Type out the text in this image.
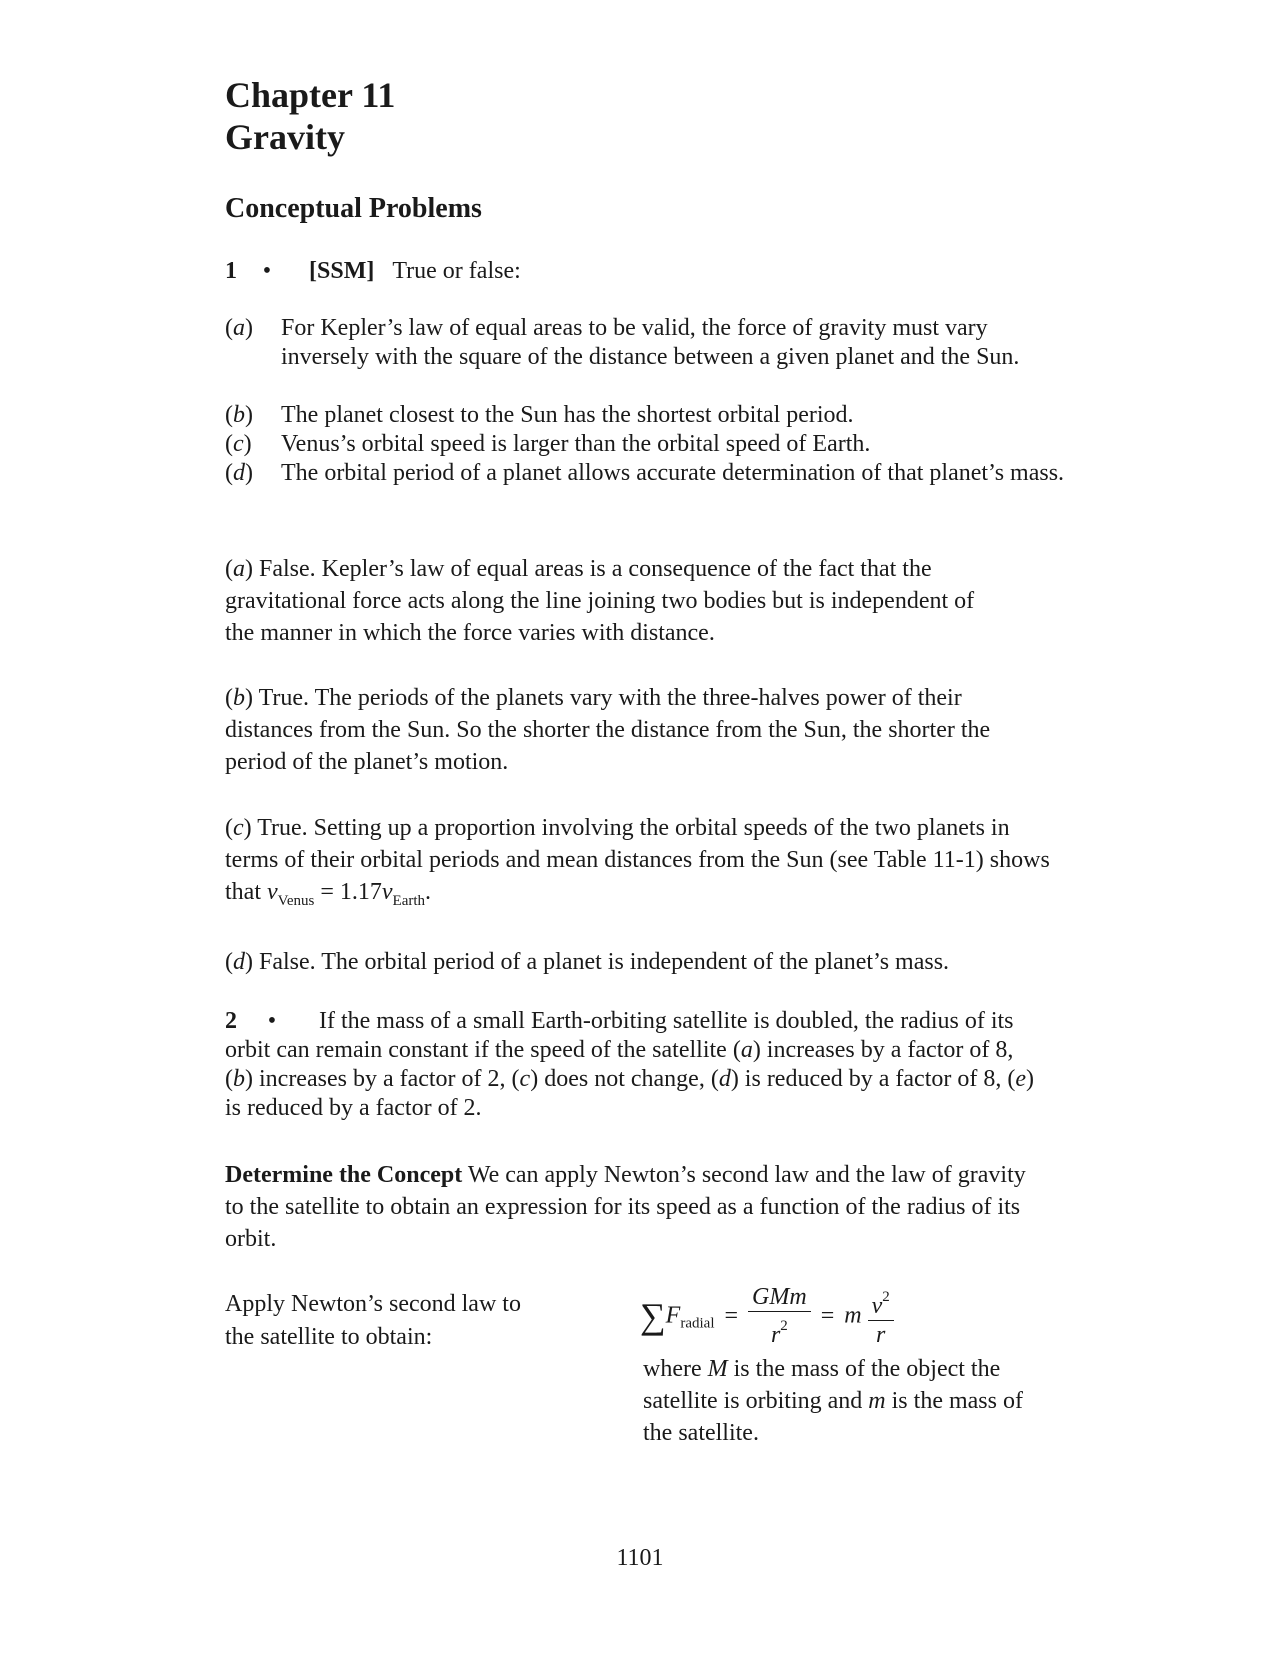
Chapter 11
Gravity
Conceptual Problems
1 • [SSM] True or false:
(a) For Kepler’s law of equal areas to be valid, the force of gravity must vary inversely with the square of the distance between a given planet and the Sun.
(b) The planet closest to the Sun has the shortest orbital period.
(c) Venus’s orbital speed is larger than the orbital speed of Earth.
(d) The orbital period of a planet allows accurate determination of that planet’s mass.
(a) False. Kepler’s law of equal areas is a consequence of the fact that the gravitational force acts along the line joining two bodies but is independent of the manner in which the force varies with distance.
(b) True. The periods of the planets vary with the three-halves power of their distances from the Sun. So the shorter the distance from the Sun, the shorter the period of the planet’s motion.
(c) True. Setting up a proportion involving the orbital speeds of the two planets in terms of their orbital periods and mean distances from the Sun (see Table 11-1) shows that $v_{Venus} = 1.17v_{Earth}$.
(d) False. The orbital period of a planet is independent of the planet’s mass.
2 • If the mass of a small Earth-orbiting satellite is doubled, the radius of its orbit can remain constant if the speed of the satellite (a) increases by a factor of 8, (b) increases by a factor of 2, (c) does not change, (d) is reduced by a factor of 8, (e) is reduced by a factor of 2.
Determine the Concept We can apply Newton’s second law and the law of gravity to the satellite to obtain an expression for its speed as a function of the radius of its orbit.
Apply Newton’s second law to the satellite to obtain:
$\sum F_{radial} = \frac{\text{GMm}}{r^2} = m \frac{v^2}{r}$
where M is the mass of the object the satellite is orbiting and m is the mass of the satellite.
1101
